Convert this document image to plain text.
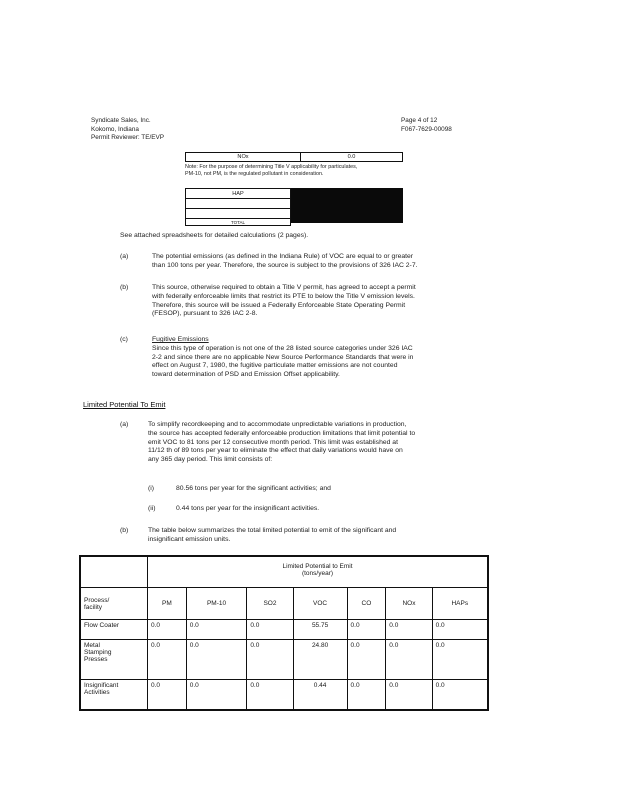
Syndicate Sales, Inc.
Kokomo, Indiana
Permit Reviewer: TE/EVP
Page 4 of 12
F067-7629-00098
NOx	0.0
Note: For the purpose of determining Title V applicability for particulates,
PM-10, not PM, is the regulated pollutant in consideration.
HAP

TOTAL
See attached spreadsheets for detailed calculations (2 pages).
(a)	The potential emissions (as defined in the Indiana Rule) of VOC are equal to or greater
than 100 tons per year. Therefore, the source is subject to the provisions of 326 IAC 2-7.
(b)	This source, otherwise required to obtain a Title V permit, has agreed to accept a permit
with federally enforceable limits that restrict its PTE to below the Title V emission levels.
Therefore, this source will be issued a Federally Enforceable State Operating Permit
(FESOP), pursuant to 326 IAC 2-8.
(c)	Fugitive Emissions
Since this type of operation is not one of the 28 listed source categories under 326 IAC
2-2 and since there are no applicable New Source Performance Standards that were in
effect on August 7, 1980, the fugitive particulate matter emissions are not counted
toward determination of PSD and Emission Offset applicability.
Limited Potential To Emit
(a)	To simplify recordkeeping and to accommodate unpredictable variations in production,
the source has accepted federally enforceable production limitations that limit potential to
emit VOC to 81 tons per 12 consecutive month period. This limit was established at
11/12 th of 89 tons per year to eliminate the effect that daily variations would have on
any 365 day period. This limit consists of:
(i)	80.56 tons per year for the significant activities; and
(ii)	0.44 tons per year for the insignificant activities.
(b)	The table below summarizes the total limited potential to emit of the significant and
insignificant emission units.

	Limited Potential to Emit
(tons/year)						

Process/
facility	PM	PM-10	SO2	VOC	CO	NOx	HAPs
Flow Coater	0.0	0.0	0.0	55.75	0.0	0.0	0.0

Metal
Stamping
Presses	0.0	0.0	0.0	24.80	0.0	0.0	0.0

Insignificant
Activities	0.0	0.0	0.0	0.44	0.0	0.0	0.0
